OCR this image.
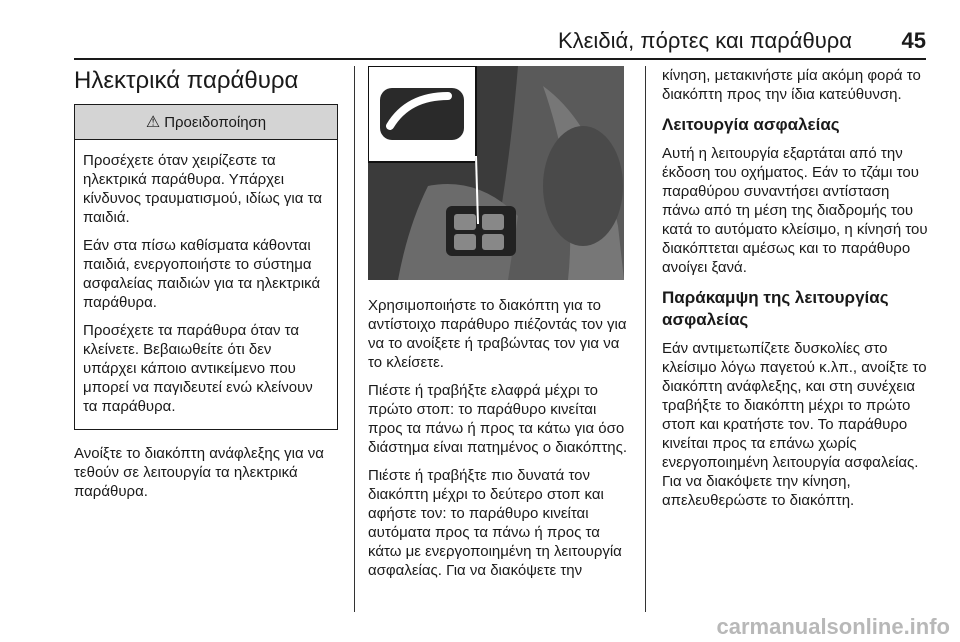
Κλειδιά, πόρτες και παράθυρα 45
Ηλεκτρικά παράθυρα
⚠ Προειδοποίηση

Προσέχετε όταν χειρίζεστε τα ηλεκτρικά παράθυρα. Υπάρχει κίνδυνος τραυματισμού, ιδίως για τα παιδιά.

Εάν στα πίσω καθίσματα κάθονται παιδιά, ενεργοποιήστε το σύστημα ασφαλείας παιδιών για τα ηλεκτρικά παράθυρα.

Προσέχετε τα παράθυρα όταν τα κλείνετε. Βεβαιωθείτε ότι δεν υπάρχει κάποιο αντικείμενο που μπορεί να παγιδευτεί ενώ κλείνουν τα παράθυρα.

Ανοίξτε το διακόπτη ανάφλεξης για να τεθούν σε λειτουργία τα ηλεκτρικά παράθυρα.

Χρησιμοποιήστε το διακόπτη για το αντίστοιχο παράθυρο πιέζοντάς τον για να το ανοίξετε ή τραβώντας τον για να το κλείσετε.

Πιέστε ή τραβήξτε ελαφρά μέχρι το πρώτο στοπ: το παράθυρο κινείται προς τα πάνω ή προς τα κάτω για όσο διάστημα είναι πατημένος ο διακόπτης.

Πιέστε ή τραβήξτε πιο δυνατά τον διακόπτη μέχρι το δεύτερο στοπ και αφήστε τον: το παράθυρο κινείται αυτόματα προς τα πάνω ή προς τα κάτω με ενεργοποιημένη τη λειτουργία ασφαλείας. Για να διακόψετε την

κίνηση, μετακινήστε μία ακόμη φορά το διακόπτη προς την ίδια κατεύθυνση.

Λειτουργία ασφαλείας

Αυτή η λειτουργία εξαρτάται από την έκδοση του οχήματος. Εάν το τζάμι του παραθύρου συναντήσει αντίσταση πάνω από τη μέση της διαδρομής του κατά το αυτόματο κλείσιμο, η κίνησή του διακόπτεται αμέσως και το παράθυρο ανοίγει ξανά.

Παράκαμψη της λειτουργίας ασφαλείας

Εάν αντιμετωπίζετε δυσκολίες στο κλείσιμο λόγω παγετού κ.λπ., ανοίξτε το διακόπτη ανάφλεξης, και στη συνέχεια τραβήξτε το διακόπτη μέχρι το πρώτο στοπ και κρατήστε τον. Το παράθυρο κινείται προς τα επάνω χωρίς ενεργοποιημένη λειτουργία ασφαλείας. Για να διακόψετε την κίνηση, απελευθερώστε το διακόπτη.

carmanualsonline.info
